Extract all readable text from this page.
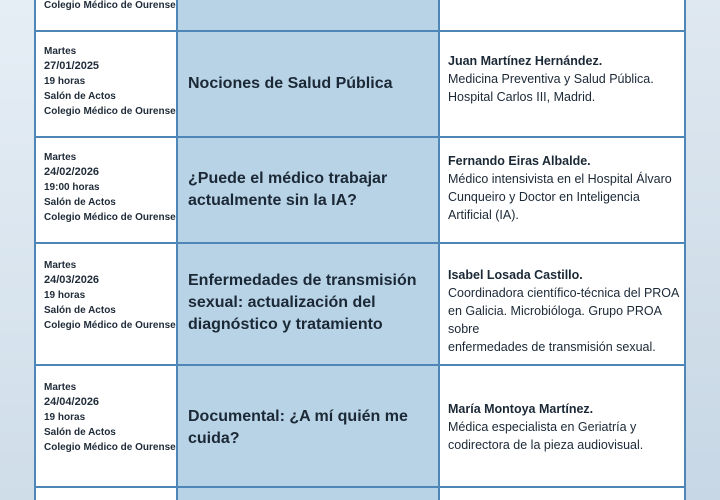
Colegio Médico de Ourense
Martes
27/01/2025
19 horas
Salón de Actos
Colegio Médico de Ourense
Nociones de Salud Pública
Juan Martínez Hernández.
Medicina Preventiva y Salud Pública.
Hospital Carlos III, Madrid.
Martes
24/02/2026
19:00 horas
Salón de Actos
Colegio Médico de Ourense
¿Puede el médico trabajar
actualmente sin la IA?
Fernando Eiras Albalde.
Médico intensivista en el Hospital Álvaro
Cunqueiro y Doctor en Inteligencia
Artificial (IA).
Martes
24/03/2026
19 horas
Salón de Actos
Colegio Médico de Ourense
Enfermedades de transmisión
sexual: actualización del
diagnóstico y tratamiento
Isabel Losada Castillo.
Coordinadora científico-técnica del PROA
en Galicia. Microbióloga. Grupo PROA sobre
enfermedades de transmisión sexual.
Martes
24/04/2026
19 horas
Salón de Actos
Colegio Médico de Ourense
Documental: ¿A mí quién me
cuida?
María Montoya Martínez.
Médica especialista en Geriatría y
codirectora de la pieza audiovisual.
